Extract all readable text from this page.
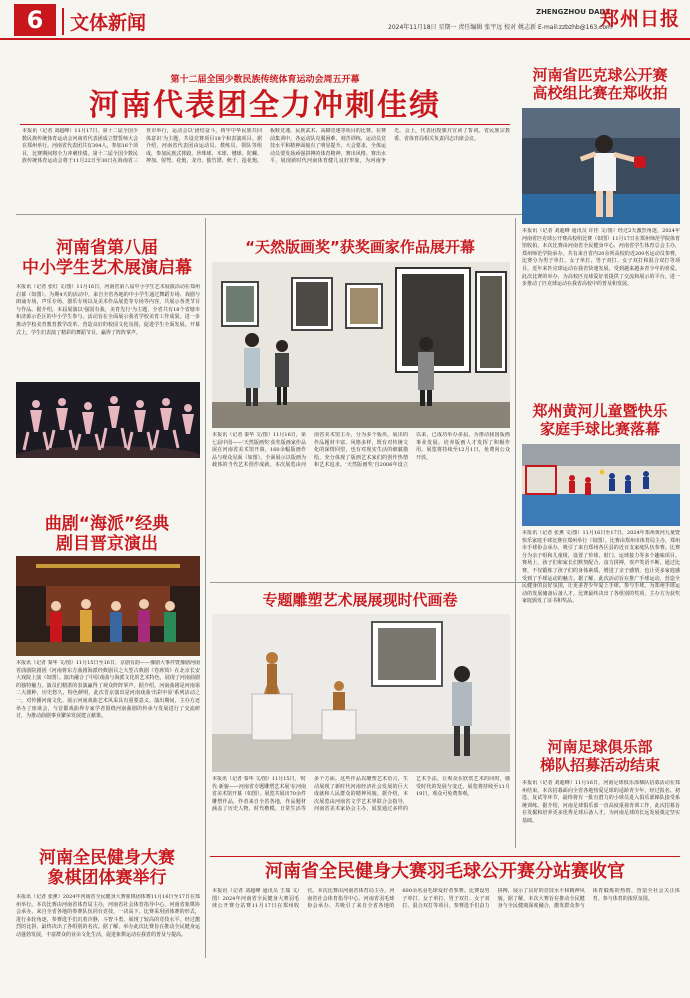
6	文体新闻	2024年11月18日 星期一 责任编辑 张宇远 校对 姚志新 E-mail:zzbzhb@163.com
ZHENGZHOU DAILY
郑州日报
第十二届全国少数民族传统体育运动会周五开幕
河南代表团全力冲刺佳绩
本报讯（记者 刘超峰）11月17日，第十二届全国少数民族传统体育运动会河南省代表团成立暨誓师大会在郑州举行。河南省代表团共有304人，参加16个项目，比赛期间将全力冲刺佳绩。第十二届全国少数民族传统体育运动会将于11月22日至30日在海南省三亚市举行，运动会以'团结奋斗，铸牢中华民族共同体意识'为主题，共设竞赛项目18个和表演项目。据介绍，河南省代表团由运动员、教练员、领队等组成，参加民族式摔跤、珍珠球、木球、毽球、陀螺、押加、射弩、花炮、龙舟、独竹漂、秋千、抢花炮、板鞋竞速、民族武术、高脚竞速等项目的比赛。在赛前集训中，各运动队克服困难，刻苦训练，运动员竞技水平和精神面貌有了明显提升。大会要求，全体运动员要发扬顽强拼搏的体育精神，赛出风格、赛出水平，展现新时代河南体育健儿良好形象，为河南争光。会上，代表团授旗并宣读了誓词。省民族宗教委、省体育局相关负责同志出席会议。
河南省第八届
中小学生艺术展演启幕
本报讯（记者 张红 文/图）11月16日，河南省第八届中小学生艺术展演活动在郑州启幕（如图）。为期4天的活动中，来自全省各地的中小学生通过舞蹈专场、戏剧与朗诵专场、声乐专场、器乐专场以及美术作品展览等专场等内容，共展示各类节目与作品。据介绍，本届展演以'强国有我，美育先行'为主题，全省共有18个省辖市和济源示范区的中小学生参与。活动旨在全面展示我省学校美育工作成果，进一步推动学校美育教育教学改革，营造良好的校园文化氛围，促进学生全面发展。开幕式上，学生们表演了精彩的舞蹈节目，赢得了阵阵掌声。
曲剧“海派”经典
剧目晋京演出
本报讯（记者 秦华 文/图）11月15日至16日，京剧有韵——豫剧大事件暨豫剧河南省曲剧院剧团《河南将东方曲剧海派经典剧目之大型古典剧《卷席筒》在北京长安大戏院上演（如图）。演出融合了中原戏曲与海派文化的艺术特色，展现了河南曲剧的独特魅力。演员们精湛的表演赢得了观众阵阵掌声。据介绍，河南曲剧是河南第二大剧种，历史悠久，特色鲜明，此次晋京演出是河南戏曲'出彩中原'系列活动之一，对传播河南文化、展示河南戏曲艺术风采具有重要意义。演出期间，主办方还举办了座谈会，与首都戏曲界专家学者围绕河南曲剧的传承与发展进行了交流研讨，为推动曲剧事业繁荣发展建言献策。
河南全民健身大赛
象棋团体赛举行
本报讯（记者 张薰）2024年河南省全民健身大赛象棋团体赛11月16日至17日在郑州举行。本次比赛由河南省体育局主办，河南省社会体育指导中心、河南省象棋协会承办。来自全省各地的参赛队伍同台竞技，一决高下。比赛采用团体赛的形式，进行多轮角逐，参赛选手们沉着冷静，斗智斗勇，展现了较高的竞技水平。经过激烈的比拼，最终决出了各组别的名次。据了解，举办此次比赛旨在推动全民健身运动蓬勃发展，丰富群众的业余文化生活，促进象棋运动在我省的普及与提高。
“天然版画奖”获奖画家作品展开幕
本报讯（记者 秦华 文/图）11月16日，第七届中国——'天然版画奖'获奖版画家作品展在河南省美术馆开幕，160余幅版画作品与观众见面（如图）。全面展示以版画为载体的当代艺术创作成就。本次展览由河南省美术馆主办，分为多个板块，展出的作品题材丰富、风格多样，既有对传统文化的深情回望，也有对现实生活的细腻描绘，充分体现了版画艺术家们的创作热情和艺术追求。'天然版画奖'自2006年设立以来，已成功举办多届，为推动我国版画事业发展、培养版画人才发挥了积极作用。展览将持续至12月1日，免费向公众开放。
专题雕塑艺术展展现时代画卷
本报讯（记者 秦华 文/图）11月15日，'时代·新貌——河南省专题雕塑艺术展'在河南省美术馆开幕（如图）。展览共展出70余件雕塑作品，作者来自全省各地，作品题材涵盖了历史人物、时代楷模、日常生活等多个方面。这些作品以雕塑艺术语言，生动展现了新时代河南经济社会发展的巨大成就和人民群众的精神风貌。据介绍，本次展览由河南省文学艺术界联合会指导，河南省美术家协会主办。展览通过多样的艺术手法，让观众在欣赏艺术的同时，感受时代的发展与变迁。展览将持续至11月19日，观众可免费参观。
河南省匹克球公开赛
高校组比赛在郑收拍
本报讯（记者 刘超峰 通讯员 许佳 文/图）经过2天激烈角逐，2024年河南省匹克球公开赛高校组比赛（如图）11月17日在郑州师范学院体育馆收拍。本次比赛由河南省全民健身中心、河南省学生体育总会主办，郑州师范学院承办。共有来自省内20余所高校的近200名运动员参赛，比赛分为男子单打、女子单打、男子双打、女子双打和混合双打等项目，近年来匹克球运动在我省快速发展，受到越来越多青少年的喜爱。此次比赛的举办，为高校匹克球爱好者提供了交流和展示的平台，进一步推动了匹克球运动在我省高校中的普及和发展。
郑州黄河儿童暨快乐
家庭手球比赛落幕
本报讯（记者 张薰 文/图）11月16日至17日，2024年郑州黄河儿童暨快乐家庭手球比赛在郑州举行（如图）。比赛由郑州市体育局主办，郑州市手球协会承办，吸引了来自郑州各区县的近百支家庭队伍参赛。比赛分为亲子组和儿童组，设置了传球、射门、运球接力等多个趣味项目。赛场上，孩子们和家长们默契配合、奋力拼搏，欢声笑语不断。通过比赛，不仅锻炼了孩子们的身体素质，增进了亲子感情，也让更多家庭感受到了手球运动的魅力。据了解，此次活动旨在推广手球运动，营造全民健身的良好氛围，让更多青少年爱上手球、参与手球，为郑州手球运动的发展储备后备人才。比赛最终决出了各组别的奖项，主办方为获奖家庭颁发了证书和奖品。
河南足球俱乐部
梯队招募活动结束
本报讯（记者 刘超峰）11月16日，河南足球俱乐部梯队招募活动在郑州结束。本次招募面向全省各地热爱足球的适龄青少年，经过报名、初选、复试等环节，最终将有一批有潜力的小球员进入俱乐部梯队接受系统训练。据介绍，河南足球俱乐部一直高度重视青训工作，此次招募旨在发掘和培养更多优秀足球后备人才，为河南足球的长远发展奠定坚实基础。
河南省全民健身大赛羽毛球公开赛分站赛收官
本报讯（记者 刘超峰 通讯员 王瑞 文/图）2024年河南省全民健身大赛羽毛球公开赛分站赛11月17日在郑州收官。本次比赛由河南省体育局主办，河南省社会体育指导中心、河南省羽毛球协会承办，共吸引了来自全省各地的600余名羽毛球爱好者参赛。比赛设男子单打、女子单打、男子双打、女子双打、混合双打等项目，参赛选手们奋力拼搏，展示了良好的竞技水平和精神风貌。据了解，本次大赛旨在推动全民健身与全民健康深度融合，激发群众参与体育锻炼的热情，营造全社会关注体育、参与体育的浓厚氛围。
